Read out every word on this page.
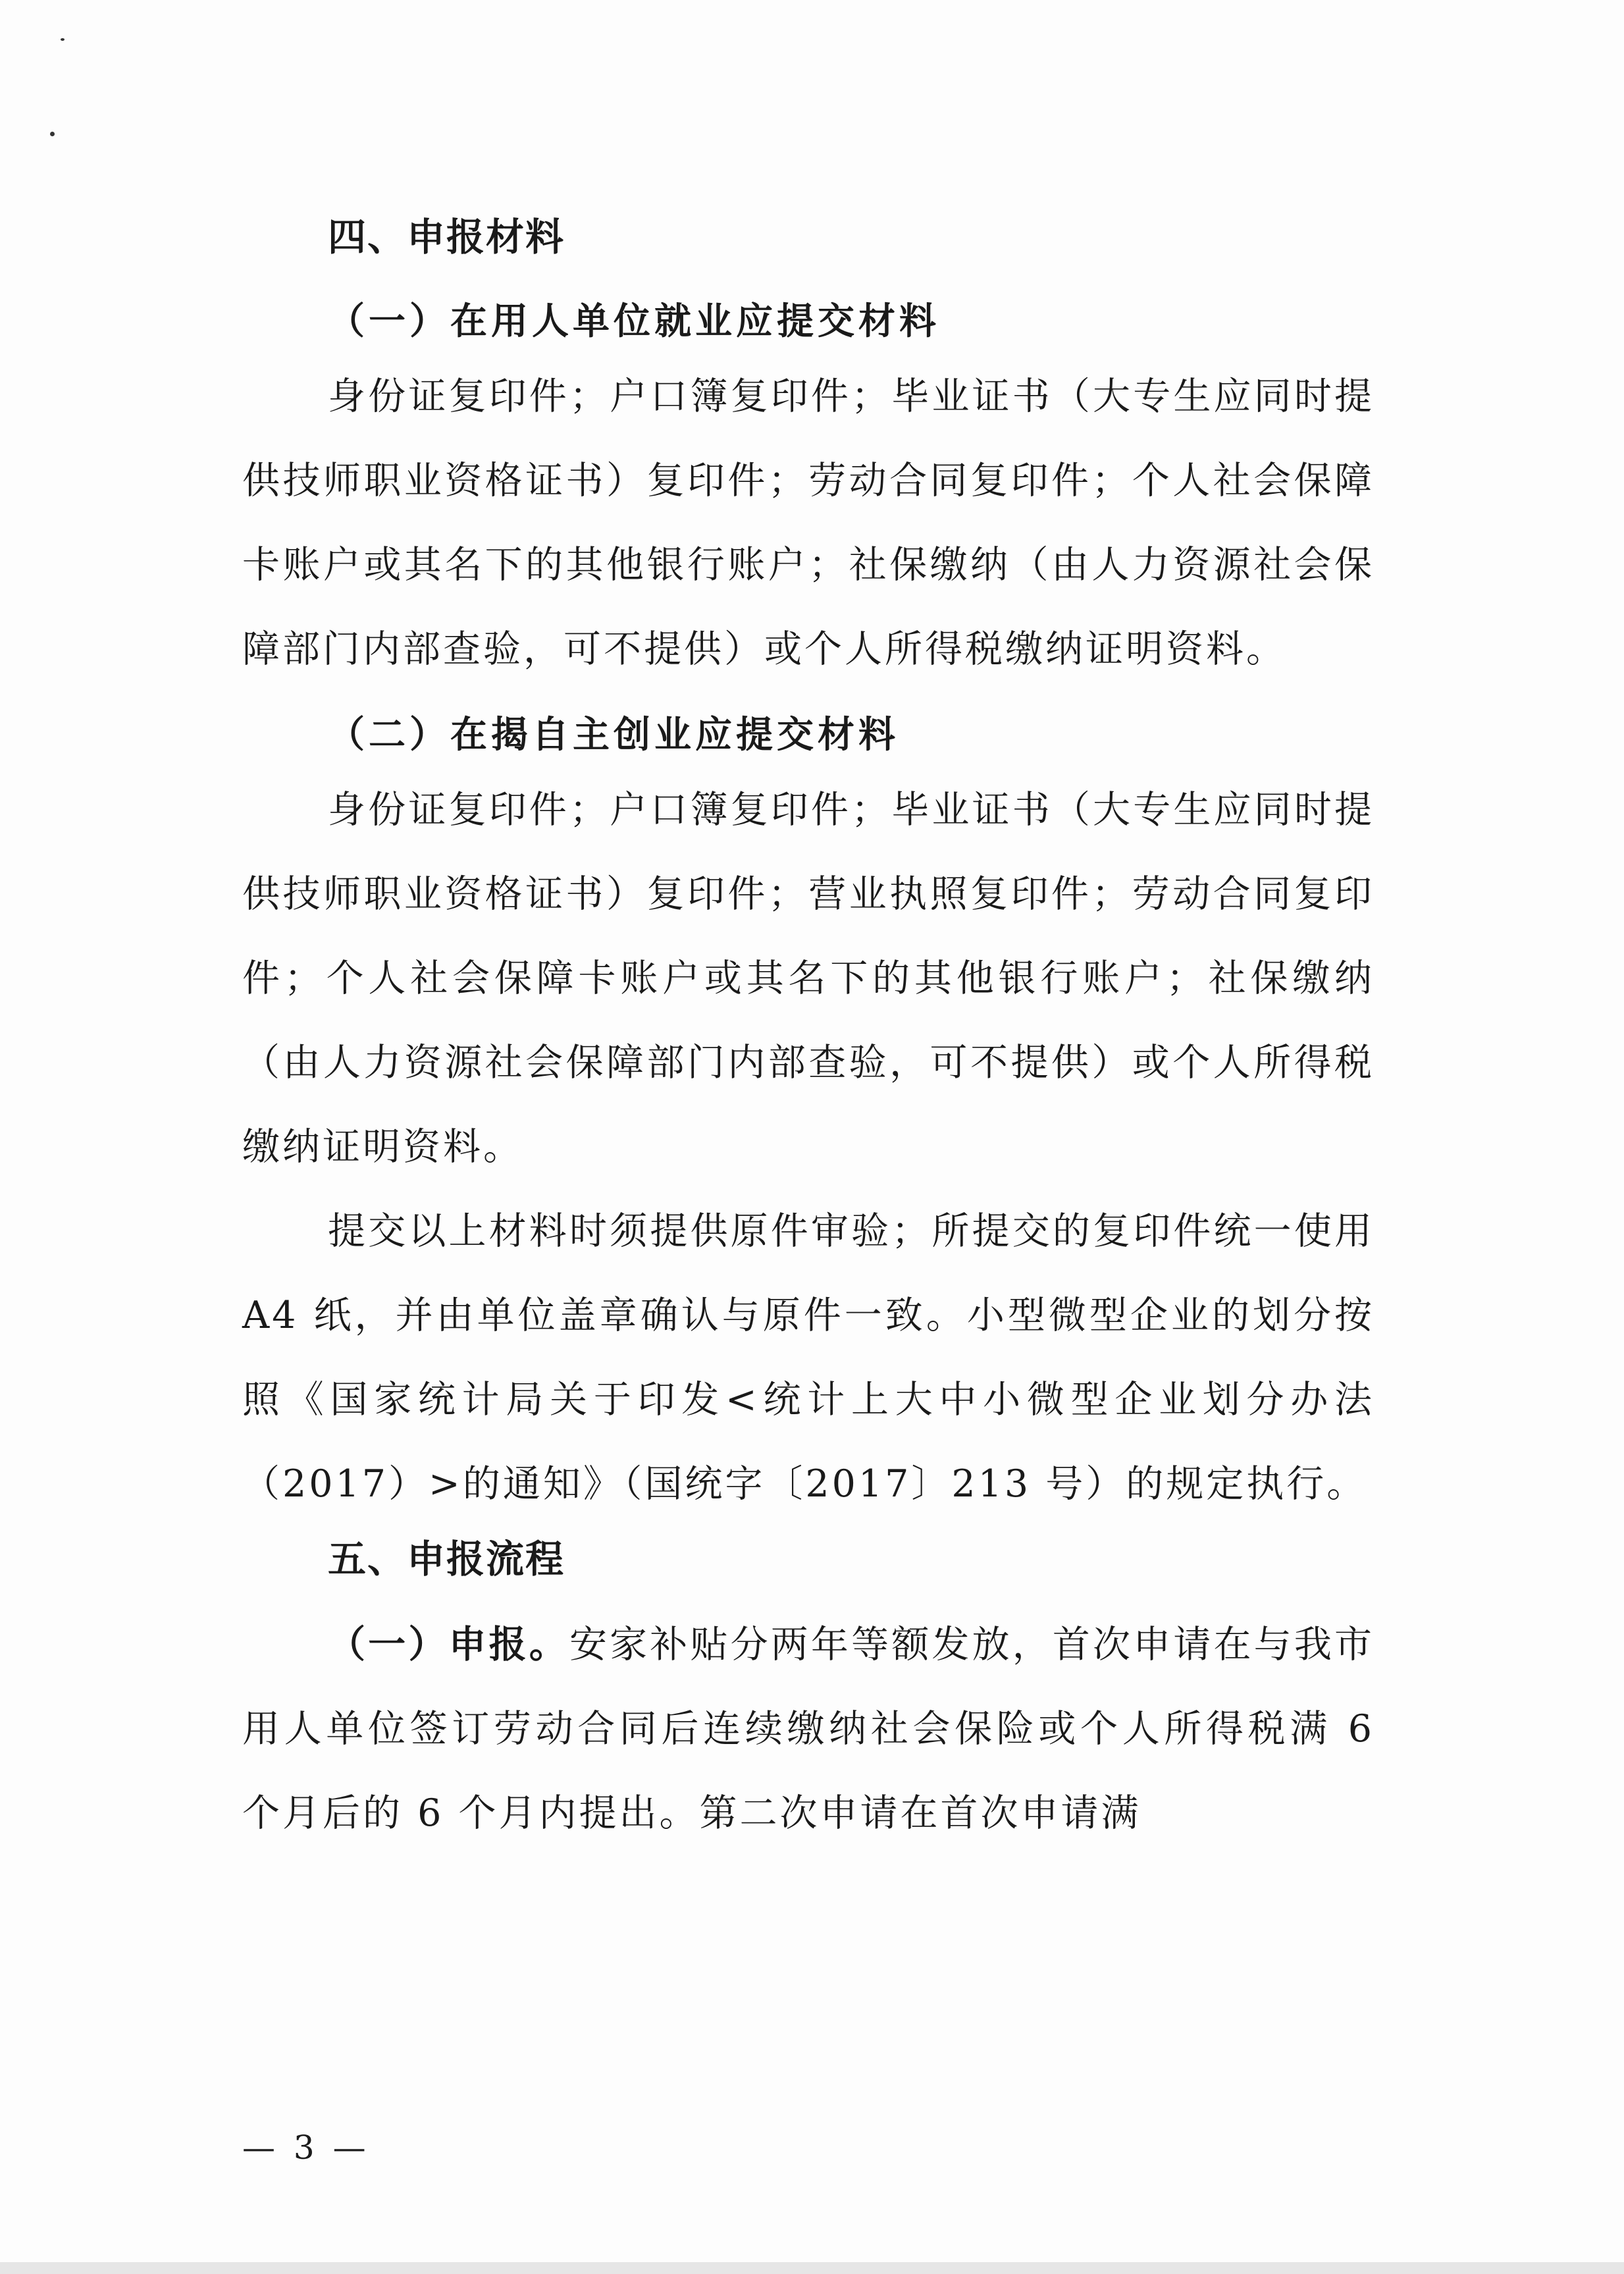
四、申报材料
（一）在用人单位就业应提交材料

身份证复印件；户口簿复印件；毕业证书（大专生应同时提供技师职业资格证书）复印件；劳动合同复印件；个人社会保障卡账户或其名下的其他银行账户；社保缴纳（由人力资源社会保障部门内部查验，可不提供）或个人所得税缴纳证明资料。

（二）在揭自主创业应提交材料

身份证复印件；户口簿复印件；毕业证书（大专生应同时提供技师职业资格证书）复印件；营业执照复印件；劳动合同复印件；个人社会保障卡账户或其名下的其他银行账户；社保缴纳（由人力资源社会保障部门内部查验，可不提供）或个人所得税缴纳证明资料。

提交以上材料时须提供原件审验；所提交的复印件统一使用 A4 纸，并由单位盖章确认与原件一致。小型微型企业的划分按照《国家统计局关于印发<统计上大中小微型企业划分办法（2017）>的通知》（国统字〔2017〕213 号）的规定执行。

五、申报流程

（一）申报。安家补贴分两年等额发放，首次申请在与我市用人单位签订劳动合同后连续缴纳社会保险或个人所得税满 6 个月后的 6 个月内提出。第二次申请在首次申请满

— 3 —
